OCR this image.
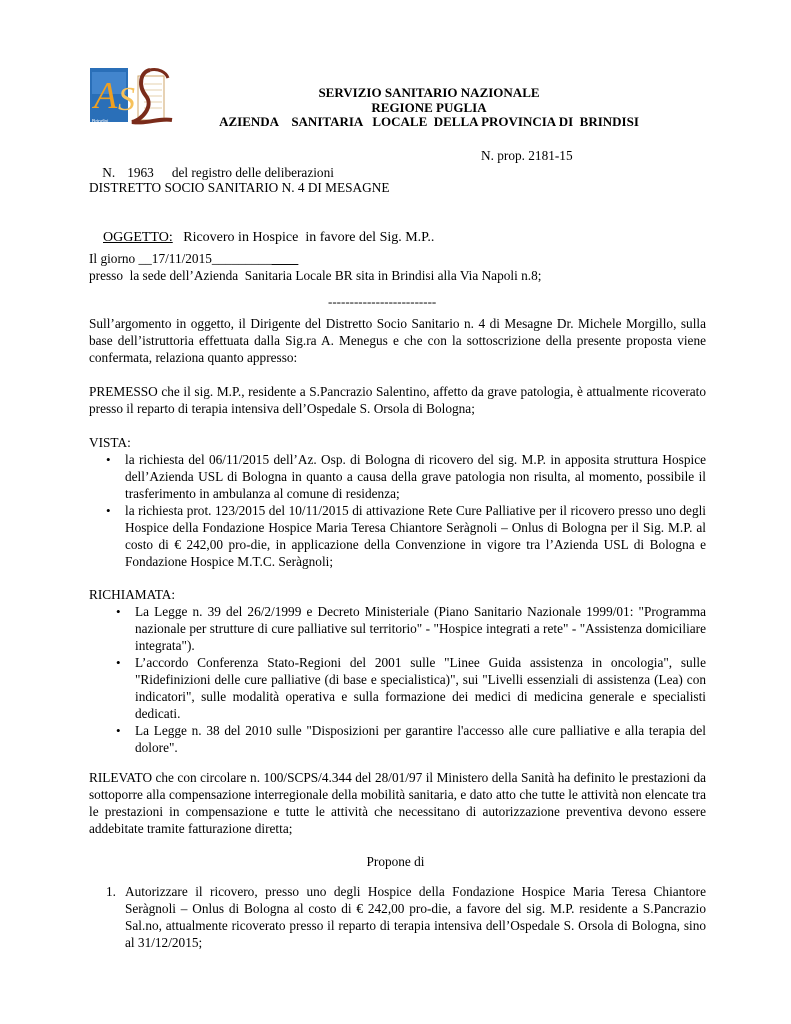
A S
Brindisi
SERVIZIO SANITARIO NAZIONALE
REGIONE PUGLIA
AZIENDA    SANITARIA   LOCALE  DELLA PROVINCIA DI  BRINDISI

N. 1963 del registro delle deliberazioni

N. prop. 2181-15
DISTRETTO SOCIO SANITARIO N. 4 DI MESAGNE

OGGETTO: Ricovero in Hospice  in favore del Sig. M.P..

Il giorno __17/11/2015_____________
presso  la sede dell’Azienda  Sanitaria Locale BR sita in Brindisi alla Via Napoli n.8;
-------------------------
Sull’argomento in oggetto, il Dirigente del Distretto Socio Sanitario n. 4 di Mesagne Dr. Michele Morgillo, sulla base dell’istruttoria effettuata dalla Sig.ra A. Menegus e che con la sottoscrizione della presente proposta viene confermata, relaziona quanto appresso:
PREMESSO che il sig. M.P., residente a S.Pancrazio Salentino, affetto da grave patologia, è attualmente ricoverato presso il reparto di terapia intensiva dell’Ospedale S. Orsola di Bologna;
VISTA:
• la richiesta del 06/11/2015 dell’Az. Osp. di Bologna di ricovero del sig. M.P. in apposita struttura Hospice dell’Azienda USL di Bologna in quanto a causa della grave patologia non risulta, al momento, possibile il trasferimento in ambulanza al comune di residenza;
• la richiesta prot. 123/2015 del 10/11/2015 di attivazione Rete Cure Palliative per il ricovero presso uno degli Hospice della Fondazione Hospice Maria Teresa Chiantore Seràgnoli – Onlus di Bologna per il Sig. M.P. al costo di € 242,00 pro-die, in applicazione della Convenzione in vigore tra l’Azienda USL di Bologna e Fondazione Hospice M.T.C. Seràgnoli;
RICHIAMATA:
• La Legge n. 39 del 26/2/1999 e Decreto Ministeriale (Piano Sanitario Nazionale 1999/01: "Programma nazionale per strutture di cure palliative sul territorio" - "Hospice integrati a rete" - "Assistenza domiciliare integrata").
• L’accordo Conferenza Stato-Regioni del 2001 sulle "Linee Guida assistenza in oncologia", sulle "Ridefinizioni delle cure palliative (di base e specialistica)", sui "Livelli essenziali di assistenza (Lea) con indicatori", sulle modalità operativa e sulla formazione dei medici di medicina generale e specialisti dedicati.
• La Legge n. 38 del 2010 sulle "Disposizioni per garantire l'accesso alle cure palliative e alla terapia del dolore".
RILEVATO che con circolare n. 100/SCPS/4.344 del 28/01/97 il Ministero della Sanità ha definito le prestazioni da sottoporre alla compensazione interregionale della mobilità sanitaria, e dato atto che tutte le attività non elencate tra le prestazioni in compensazione e tutte le attività che necessitano di autorizzazione preventiva devono essere addebitate tramite fatturazione diretta;
Propone di
1. Autorizzare il ricovero, presso uno degli Hospice della Fondazione Hospice Maria Teresa Chiantore Seràgnoli – Onlus di Bologna al costo di € 242,00 pro-die, a favore del sig. M.P. residente a S.Pancrazio Sal.no, attualmente ricoverato presso il reparto di terapia intensiva dell’Ospedale S. Orsola di Bologna, sino al 31/12/2015;
